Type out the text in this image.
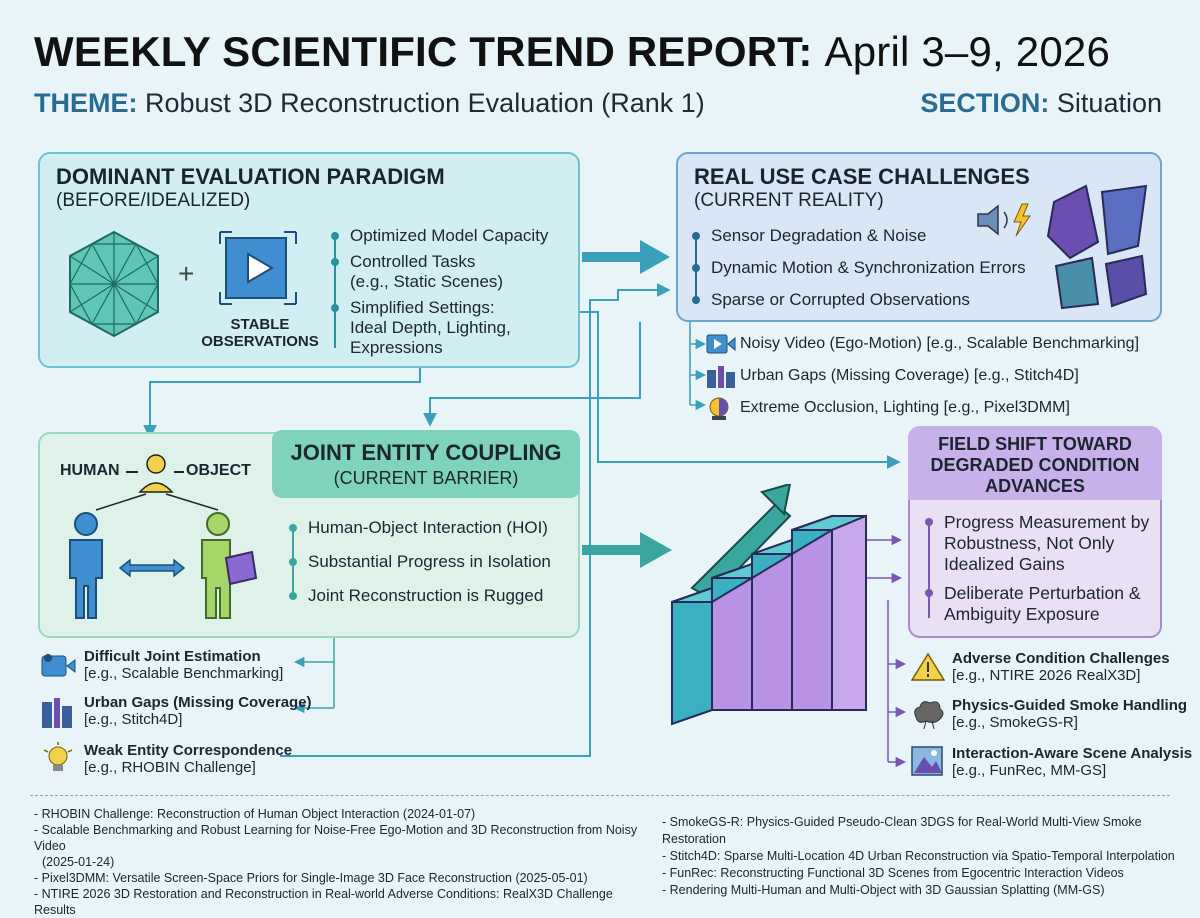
WEEKLY SCIENTIFIC TREND REPORT: April 3–9, 2026
THEME: Robust 3D Reconstruction Evaluation (Rank 1)	SECTION: Situation
DOMINANT EVALUATION PARADIGM
(BEFORE/IDEALIZED)
+
STABLE
OBSERVATIONS
Optimized Model Capacity
Controlled Tasks
(e.g., Static Scenes)
Simplified Settings:
Ideal Depth, Lighting,
Expressions
REAL USE CASE CHALLENGES
(CURRENT REALITY)
Sensor Degradation & Noise
Dynamic Motion & Synchronization Errors
Sparse or Corrupted Observations
Noisy Video (Ego-Motion) [e.g., Scalable Benchmarking]
Urban Gaps (Missing Coverage) [e.g., Stitch4D]
Extreme Occlusion, Lighting [e.g., Pixel3DMM]
HUMAN	OBJECT
Human-Object Interaction (HOI)
Substantial Progress in Isolation
Joint Reconstruction is Rugged
JOINT ENTITY COUPLING
(CURRENT BARRIER)
Difficult Joint Estimation
[e.g., Scalable Benchmarking]
Urban Gaps (Missing Coverage)
[e.g., Stitch4D]
Weak Entity Correspondence
[e.g., RHOBIN Challenge]
Progress Measurement by
Robustness, Not Only
Idealized Gains
Deliberate Perturbation &
Ambiguity Exposure
FIELD SHIFT TOWARD
DEGRADED CONDITION
ADVANCES
Adverse Condition Challenges
[e.g., NTIRE 2026 RealX3D]
Physics-Guided Smoke Handling
[e.g., SmokeGS-R]
Interaction-Aware Scene Analysis
[e.g., FunRec, MM-GS]
- RHOBIN Challenge: Reconstruction of Human Object Interaction (2024-01-07)
- Scalable Benchmarking and Robust Learning for Noise-Free Ego-Motion and 3D Reconstruction from Noisy Video
(2025-01-24)
- Pixel3DMM: Versatile Screen-Space Priors for Single-Image 3D Face Reconstruction (2025-05-01)
- NTIRE 2026 3D Restoration and Reconstruction in Real-world Adverse Conditions: RealX3D Challenge Results
- SmokeGS-R: Physics-Guided Pseudo-Clean 3DGS for Real-World Multi-View Smoke Restoration
- Stitch4D: Sparse Multi-Location 4D Urban Reconstruction via Spatio-Temporal Interpolation
- FunRec: Reconstructing Functional 3D Scenes from Egocentric Interaction Videos
- Rendering Multi-Human and Multi-Object with 3D Gaussian Splatting (MM-GS)
